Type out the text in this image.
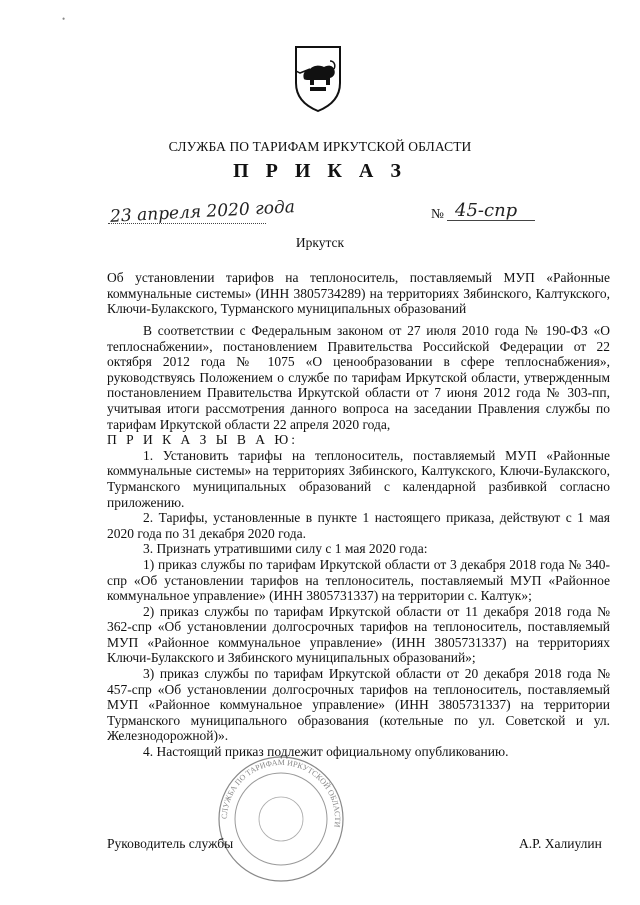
•
СЛУЖБА ПО ТАРИФАМ ИРКУТСКОЙ ОБЛАСТИ
П Р И К А З
23 апреля 2020 года	№ 45-спр
Иркутск
Об установлении тарифов на теплоноситель, поставляемый МУП «Районные коммунальные системы» (ИНН 3805734289) на территориях Зябинского, Калтукского, Ключи-Булакского, Турманского муниципальных образований

В соответствии с Федеральным законом от 27 июля 2010 года № 190-ФЗ «О теплоснабжении», постановлением Правительства Российской Федерации от 22 октября 2012 года № 1075 «О ценообразовании в сфере теплоснабжения», руководствуясь Положением о службе по тарифам Иркутской области, утвержденным постановлением Правительства Иркутской области от 7 июня 2012 года № 303-пп, учитывая итоги рассмотрения данного вопроса на заседании Правления службы по тарифам Иркутской области 22 апреля 2020 года,

П Р И К А З Ы В А Ю:

1. Установить тарифы на теплоноситель, поставляемый МУП «Районные коммунальные системы» на территориях Зябинского, Калтукского, Ключи-Булакского, Турманского муниципальных образований с календарной разбивкой согласно приложению.

2. Тарифы, установленные в пункте 1 настоящего приказа, действуют с 1 мая 2020 года по 31 декабря 2020 года.

3. Признать утратившими силу с 1 мая 2020 года:

1) приказ службы по тарифам Иркутской области от 3 декабря 2018 года № 340-спр «Об установлении тарифов на теплоноситель, поставляемый МУП «Районное коммунальное управление» (ИНН 3805731337) на территории с. Калтук»;

2) приказ службы по тарифам Иркутской области от 11 декабря 2018 года № 362-спр «Об установлении долгосрочных тарифов на теплоноситель, поставляемый МУП «Районное коммунальное управление» (ИНН 3805731337) на территориях Ключи-Булакского и Зябинского муниципальных образований»;

3) приказ службы по тарифам Иркутской области от 20 декабря 2018 года № 457-спр «Об установлении долгосрочных тарифов на теплоноситель, поставляемый МУП «Районное коммунальное управление» (ИНН 3805731337) на территории Турманского муниципального образования (котельные по ул. Советской и ул. Железнодорожной)».

4. Настоящий приказ подлежит официальному опубликованию.

СЛУЖБА ПО ТАРИФАМ ИРКУТСКОЙ ОБЛАСТИ
Руководитель службы	А.Р. Халиулин
